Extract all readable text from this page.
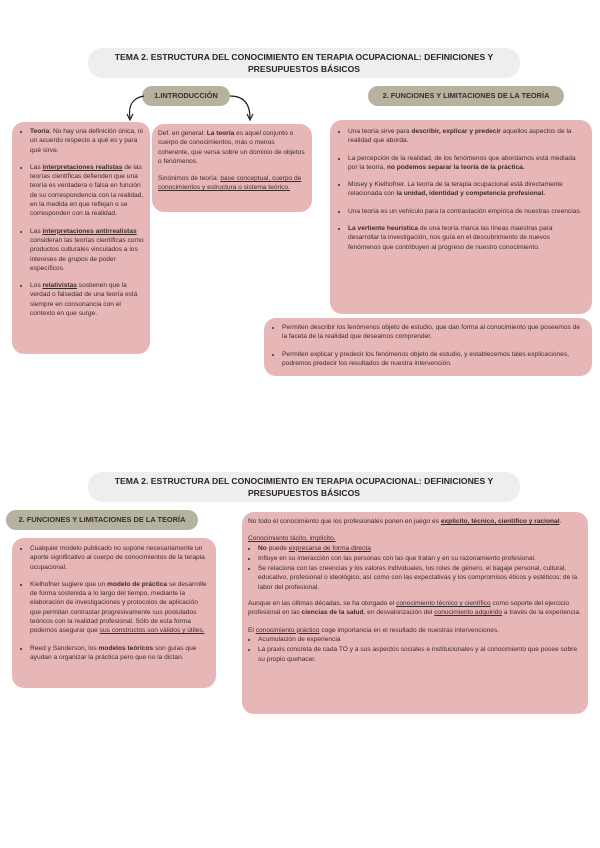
TEMA 2. ESTRUCTURA DEL CONOCIMIENTO EN TERAPIA OCUPACIONAL: DEFINICIONES Y PRESUPUESTOS BÁSICOS
1.INTRODUCCIÓN	2. FUNCIONES Y LIMITACIONES DE LA TEORÍA
• Teoría: No hay una definición única, ni un acuerdo respecto a qué es y para qué sirve.
• Las interpretaciones realistas de las teorías científicas defienden que una teoría es verdadera o falsa en función de su correspondencia con la realidad, en la medida en que reflejan o se corresponden con la realidad.
• Las interpretaciones antirrealistas consideran las teorías científicas como productos culturales vinculados a los intereses de grupos de poder específicos.
• Los relativistas sostienen que la verdad o falsedad de una teoría está siempre en consonancia con el contexto en que surge.

Def. en general: La teoría es aquel conjunto o cuerpo de conocimientos, más o menos coherente, que versa sobre un dominio de objetos o fenómenos.

Sinónimos de teoría: base conceptual, cuerpo de conocimientos y estructura o sistema teórico.

• Una teoría sirve para describir, explicar y predecir aquellos aspectos de la realidad que aborda.
• La percepción de la realidad, de los fenómenos que abordamos está mediada por la teoría, no podemos separar la teoría de la práctica.
• Mosey y Kielhofner. La teoría de la terapia ocupacional está directamente relacionada con la unidad, identidad y competencia profesional.
• Una teoría es un vehículo para la contrastación empírica de nuestras creencias.
• La vertiente heurística de una teoría marca las líneas maestras para desarrollar la investigación, nos guía en el descubrimiento de nuevos fenómenos que contribuyen al progreso de nuestro conocimiento.
• Permiten describir los fenómenos objeto de estudio, que dan forma al conocimiento que poseemos de la faceta de la realidad que deseamos comprender.
• Permiten explicar y predecir los fenómenos objeto de estudio, y establecemos tales explicaciones, podremos predecir los resultados de nuestra intervención.
TEMA 2. ESTRUCTURA DEL CONOCIMIENTO EN TERAPIA OCUPACIONAL: DEFINICIONES Y PRESUPUESTOS BÁSICOS
2. FUNCIONES Y LIMITACIONES DE LA TEORÍA
• Cualquier modelo publicado no supone necesariamente un aporte significativo al cuerpo de conocimientos de la terapia ocupacional.
• Kielhofner sugiere que un modelo de práctica se desarrolle de forma sostenida a lo largo del tiempo, mediante la elaboración de investigaciones y protocolos de aplicación que permitan contrastar progresivamente sus postulados teóricos con la realidad profesional. Sólo de esta forma podemos asegurar que sus constructos son válidos y útiles.
• Reed y Sanderson, los modelos teóricos son guías que ayudan a organizar la práctica pero que no la dictan.

No todo el conocimiento que los profesionales ponen en juego es explícito, técnico, científico y racional.

Conocimiento tácito, implícito.
• No puede expresarse de forma directa
• Influye en su interacción con las personas con las que tratan y en su razonamiento profesional.
• Se relaciona con las creencias y los valores individuales, los roles de género, el bagaje personal, cultural, educativo, profesional o ideológico, así como con las expectativas y los compromisos éticos y estéticos; de la labor del profesional.

Aunque en las últimas décadas, se ha otorgado el conocimiento técnico y científico como soporte del ejercicio profesional en las ciencias de la salud, en desvalorización del conocimiento adquirido a través de la experiencia.

El conocimiento práctico coge importancia en el resultado de nuestras intervenciones.
• Acumulación de experiencia
• La praxis concreta de cada TO y a sus aspectos sociales e institucionales y al conocimiento que posee sobre su propio quehacer.
